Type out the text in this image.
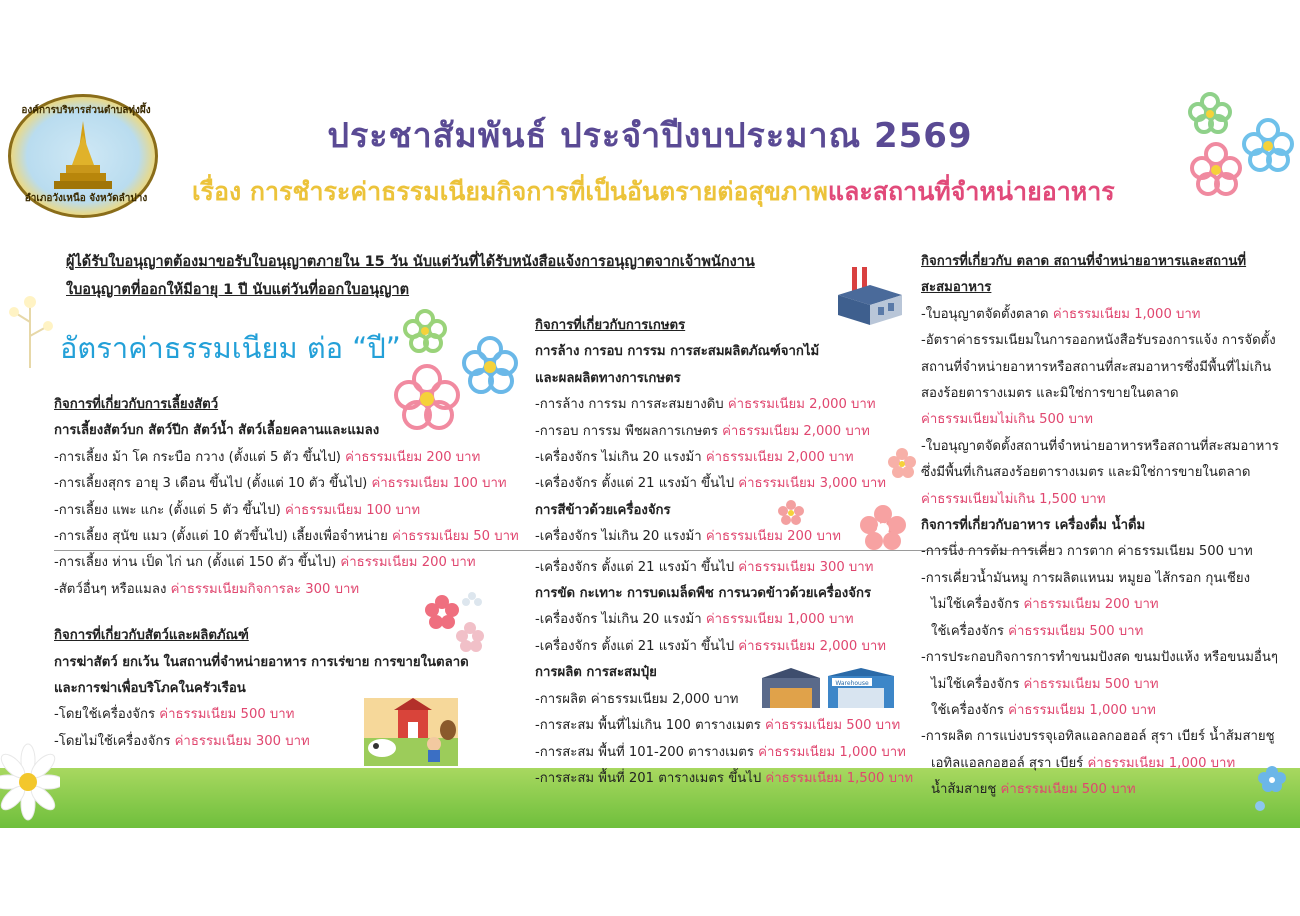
องค์การบริหารส่วนตำบลทุ่งผึ้ง
อำเภอวังเหนือ จังหวัดลำปาง
ประชาสัมพันธ์ ประจำปีงบประมาณ 2569
เรื่อง การชำระค่าธรรมเนียมกิจการที่เป็นอันตรายต่อสุขภาพและสถานที่จำหน่ายอาหาร
ผู้ได้รับใบอนุญาตต้องมาขอรับใบอนุญาตภายใน 15 วัน นับแต่วันที่ได้รับหนังสือแจ้งการอนุญาตจากเจ้าพนักงาน
ใบอนุญาตที่ออกให้มีอายุ 1 ปี นับแต่วันที่ออกใบอนุญาต
อัตราค่าธรรมเนียม ต่อ “ปี”
Warehouse
กิจการที่เกี่ยวกับการเลี้ยงสัตว์
การเลี้ยงสัตว์บก สัตว์ปีก สัตว์น้ำ สัตว์เลื้อยคลานและแมลง
-การเลี้ยง ม้า โค กระบือ กวาง (ตั้งแต่ 5 ตัว ขึ้นไป) ค่าธรรมเนียม 200 บาท
-การเลี้ยงสุกร อายุ 3 เดือน ขึ้นไป (ตั้งแต่ 10 ตัว ขึ้นไป) ค่าธรรมเนียม 100 บาท
-การเลี้ยง แพะ แกะ (ตั้งแต่ 5 ตัว ขึ้นไป) ค่าธรรมเนียม 100 บาท
-การเลี้ยง สุนัข แมว (ตั้งแต่ 10 ตัวขึ้นไป) เลี้ยงเพื่อจำหน่าย ค่าธรรมเนียม 50 บาท
-การเลี้ยง ห่าน เป็ด ไก่ นก (ตั้งแต่ 150 ตัว ขึ้นไป) ค่าธรรมเนียม 200 บาท
-สัตว์อื่นๆ หรือแมลง ค่าธรรมเนียมกิจการละ 300 บาท
กิจการที่เกี่ยวกับสัตว์และผลิตภัณฑ์
การฆ่าสัตว์ ยกเว้น ในสถานที่จำหน่ายอาหาร การเร่ขาย การขายในตลาด
และการฆ่าเพื่อบริโภคในครัวเรือน
-โดยใช้เครื่องจักร ค่าธรรมเนียม 500 บาท
-โดยไม่ใช้เครื่องจักร ค่าธรรมเนียม 300 บาท
กิจการที่เกี่ยวกับการเกษตร
การล้าง การอบ การรม การสะสมผลิตภัณฑ์จากไม้
และผลผลิตทางการเกษตร
-การล้าง การรม การสะสมยางดิบ ค่าธรรมเนียม 2,000 บาท
-การอบ การรม พืชผลการเกษตร ค่าธรรมเนียม 2,000 บาท
-เครื่องจักร ไม่เกิน 20 แรงม้า ค่าธรรมเนียม 2,000 บาท
-เครื่องจักร ตั้งแต่ 21 แรงม้า ขึ้นไป ค่าธรรมเนียม 3,000 บาท
การสีข้าวด้วยเครื่องจักร
-เครื่องจักร ไม่เกิน 20 แรงม้า ค่าธรรมเนียม 200 บาท
-เครื่องจักร ตั้งแต่ 21 แรงม้า ขึ้นไป ค่าธรรมเนียม 300 บาท
การขัด กะเทาะ การบดเมล็ดพืช การนวดข้าวด้วยเครื่องจักร
-เครื่องจักร ไม่เกิน 20 แรงม้า ค่าธรรมเนียม 1,000 บาท
-เครื่องจักร ตั้งแต่ 21 แรงม้า ขึ้นไป ค่าธรรมเนียม 2,000 บาท
การผลิต การสะสมปุ๋ย
-การผลิต ค่าธรรมเนียม 2,000 บาท
-การสะสม พื้นที่ไม่เกิน 100 ตารางเมตร ค่าธรรมเนียม 500 บาท
-การสะสม พื้นที่ 101-200 ตารางเมตร ค่าธรรมเนียม 1,000 บาท
-การสะสม พื้นที่ 201 ตารางเมตร ขึ้นไป ค่าธรรมเนียม 1,500 บาท
กิจการที่เกี่ยวกับ ตลาด สถานที่จำหน่ายอาหารและสถานที่
สะสมอาหาร
-ใบอนุญาตจัดตั้งตลาด ค่าธรรมเนียม 1,000 บาท
-อัตราค่าธรรมเนียมในการออกหนังสือรับรองการแจ้ง การจัดตั้ง
สถานที่จำหน่ายอาหารหรือสถานที่สะสมอาหารซึ่งมีพื้นที่ไม่เกิน
สองร้อยตารางเมตร และมิใช่การขายในตลาด
ค่าธรรมเนียมไม่เกิน 500 บาท
-ใบอนุญาตจัดตั้งสถานที่จำหน่ายอาหารหรือสถานที่สะสมอาหาร
ซึ่งมีพื้นที่เกินสองร้อยตารางเมตร และมิใช่การขายในตลาด
ค่าธรรมเนียมไม่เกิน 1,500 บาท
กิจการที่เกี่ยวกับอาหาร เครื่องดื่ม น้ำดื่ม
-การนึ่ง การต้ม การเคี่ยว การตาก ค่าธรรมเนียม 500 บาท
-การเคี่ยวน้ำมันหมู การผลิตแหนม หมูยอ ไส้กรอก กุนเชียง
ไม่ใช้เครื่องจักร ค่าธรรมเนียม 200 บาท
ใช้เครื่องจักร ค่าธรรมเนียม 500 บาท
-การประกอบกิจการการทำขนมปังสด ขนมปังแห้ง หรือขนมอื่นๆ
ไม่ใช้เครื่องจักร ค่าธรรมเนียม 500 บาท
ใช้เครื่องจักร ค่าธรรมเนียม 1,000 บาท
-การผลิต การแบ่งบรรจุเอทิลแอลกอฮอล์ สุรา เบียร์ น้ำส้มสายชู
เอทิลแอลกอฮอล์ สุรา เบียร์ ค่าธรรมเนียม 1,000 บาท
น้ำส้มสายชู ค่าธรรมเนียม 500 บาท
